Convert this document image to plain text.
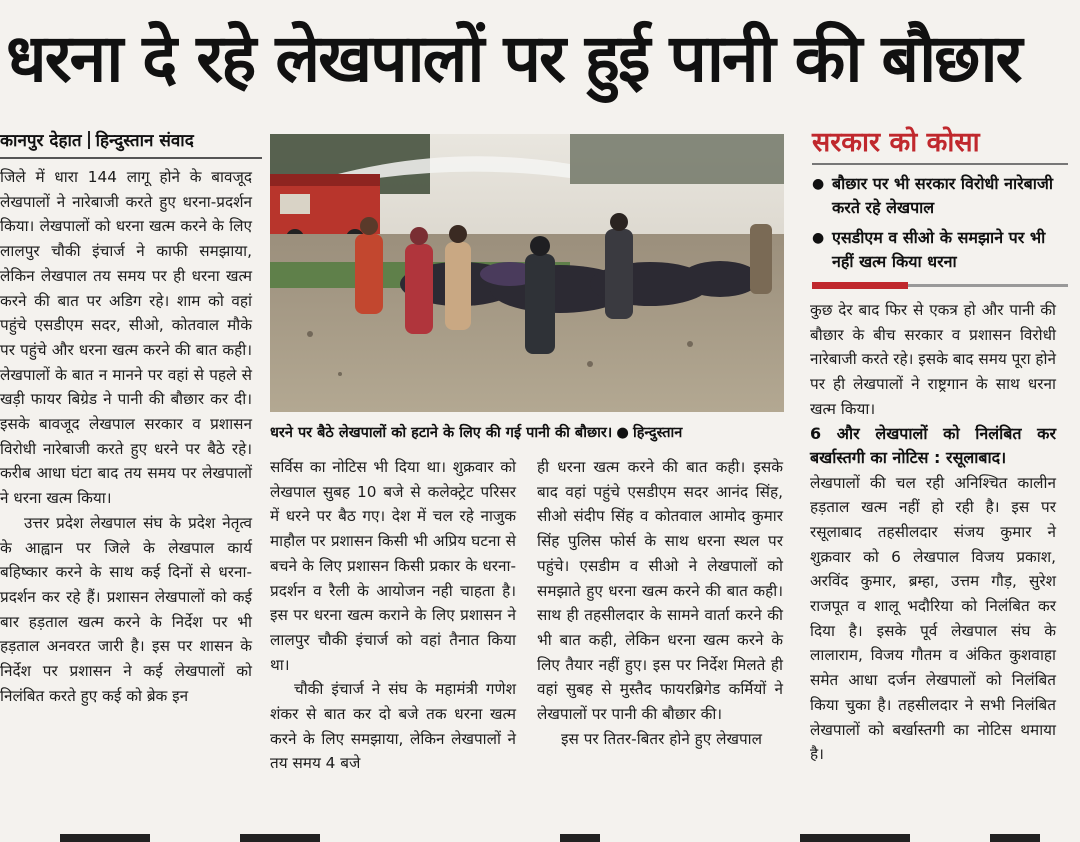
धरना दे रहे लेखपालों पर हुई पानी की बौछार
कानपुर देहात हिन्दुस्तान संवाद

जिले में धारा 144 लागू होने के बावजूद लेखपालों ने नारेबाजी करते हुए धरना-प्रदर्शन किया। लेखपालों को धरना खत्म करने के लिए लालपुर चौकी इंचार्ज ने काफी समझाया, लेकिन लेखपाल तय समय पर ही धरना खत्म करने की बात पर अडिग रहे। शाम को वहां पहुंचे एसडीएम सदर, सीओ, कोतवाल मौके पर पहुंचे और धरना खत्म करने की बात कही। लेखपालों के बात न मानने पर वहां से पहले से खड़ी फायर बिग्रेड ने पानी की बौछार कर दी। इसके बावजूद लेखपाल सरकार व प्रशासन विरोधी नारेबाजी करते हुए धरने पर बैठे रहे। करीब आधा घंटा बाद तय समय पर लेखपालों ने धरना खत्म किया।

उत्तर प्रदेश लेखपाल संघ के प्रदेश नेतृत्व के आह्वान पर जिले के लेखपाल कार्य बहिष्कार करने के साथ कई दिनों से धरना-प्रदर्शन कर रहे हैं। प्रशासन लेखपालों को कई बार हड़ताल खत्म करने के निर्देश पर भी हड़ताल अनवरत जारी है। इस पर शासन के निर्देश पर प्रशासन ने कई लेखपालों को निलंबित करते हुए कई को ब्रेक इन

धरने पर बैठे लेखपालों को हटाने के लिए की गई पानी की बौछार। ● हिन्दुस्तान
सरकार को कोसा
● बौछार पर भी सरकार विरोधी नारेबाजी करते रहे लेखपाल
● एसडीएम व सीओ के समझाने पर भी नहीं खत्म किया धरना

सर्विस का नोटिस भी दिया था। शुक्रवार को लेखपाल सुबह 10 बजे से कलेक्ट्रेट परिसर में धरने पर बैठ गए। देश में चल रहे नाजुक माहौल पर प्रशासन किसी भी अप्रिय घटना से बचने के लिए प्रशासन किसी प्रकार के धरना-प्रदर्शन व रैली के आयोजन नही चाहता है। इस पर धरना खत्म कराने के लिए प्रशासन ने लालपुर चौकी इंचार्ज को वहां तैनात किया था।

चौकी इंचार्ज ने संघ के महामंत्री गणेश शंकर से बात कर दो बजे तक धरना खत्म करने के लिए समझाया, लेकिन लेखपालों ने तय समय 4 बजे

ही धरना खत्म करने की बात कही। इसके बाद वहां पहुंचे एसडीएम सदर आनंद सिंह, सीओ संदीप सिंह व कोतवाल आमोद कुमार सिंह पुलिस फोर्स के साथ धरना स्थल पर पहुंचे। एसडीम व सीओ ने लेखपालों को समझाते हुए धरना खत्म करने की बात कही। साथ ही तहसीलदार के सामने वार्ता करने की भी बात कही, लेकिन धरना खत्म करने के लिए तैयार नहीं हुए। इस पर निर्देश मिलते ही वहां सुबह से मुस्तैद फायरब्रिगेड कर्मियों ने लेखपालों पर पानी की बौछार की।

इस पर तितर-बितर होने हुए लेखपाल

कुछ देर बाद फिर से एकत्र हो और पानी की बौछार के बीच सरकार व प्रशासन विरोधी नारेबाजी करते रहे। इसके बाद समय पूरा होने पर ही लेखपालों ने राष्ट्रगान के साथ धरना खत्म किया।

6 और लेखपालों को निलंबित कर बर्खास्तगी का नोटिस : रसूलाबाद।

लेखपालों की चल रही अनिश्चित कालीन हड़ताल खत्म नहीं हो रही है। इस पर रसूलाबाद तहसीलदार संजय कुमार ने शुक्रवार को 6 लेखपाल विजय प्रकाश, अरविंद कुमार, ब्रम्हा, उत्तम गौड़, सुरेश राजपूत व शालू भदौरिया को निलंबित कर दिया है। इसके पूर्व लेखपाल संघ के लालाराम, विजय गौतम व अंकित कुशवाहा समेत आधा दर्जन लेखपालों को निलंबित किया चुका है। तहसीलदार ने सभी निलंबित लेखपालों को बर्खास्तगी का नोटिस थमाया है।
